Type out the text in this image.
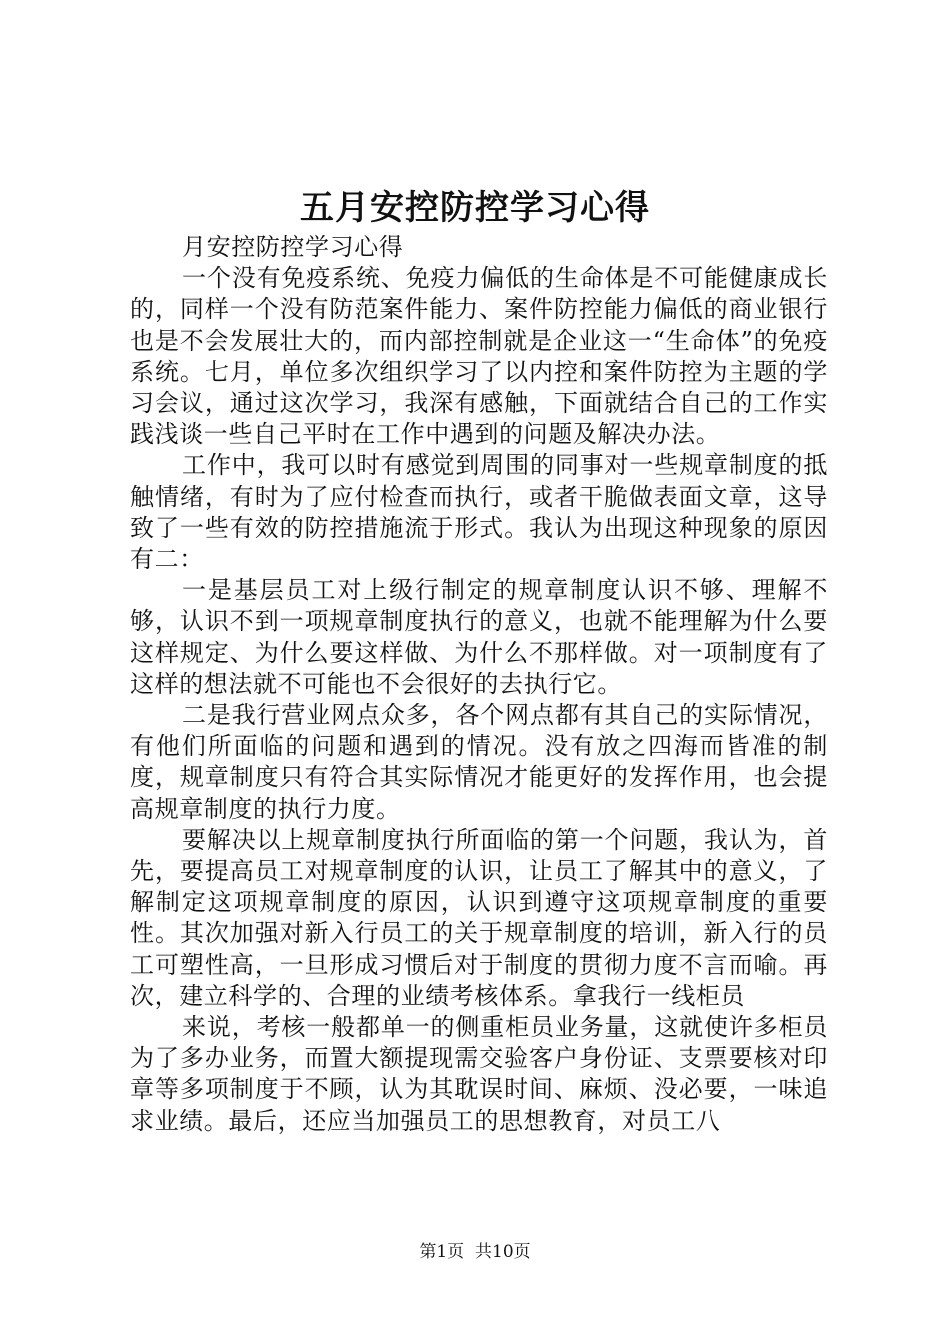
五月安控防控学习心得

月安控防控学习心得

一个没有免疫系统、免疫力偏低的生命体是不可能健康成长的，同样一个没有防范案件能力、案件防控能力偏低的商业银行也是不会发展壮大的，而内部控制就是企业这一“生命体”的免疫系统。七月，单位多次组织学习了以内控和案件防控为主题的学习会议，通过这次学习，我深有感触，下面就结合自己的工作实践浅谈一些自己平时在工作中遇到的问题及解决办法。

工作中，我可以时有感觉到周围的同事对一些规章制度的抵触情绪，有时为了应付检查而执行，或者干脆做表面文章，这导致了一些有效的防控措施流于形式。我认为出现这种现象的原因有二：

一是基层员工对上级行制定的规章制度认识不够、理解不够，认识不到一项规章制度执行的意义，也就不能理解为什么要这样规定、为什么要这样做、为什么不那样做。对一项制度有了这样的想法就不可能也不会很好的去执行它。

二是我行营业网点众多，各个网点都有其自己的实际情况，有他们所面临的问题和遇到的情况。没有放之四海而皆准的制度，规章制度只有符合其实际情况才能更好的发挥作用，也会提高规章制度的执行力度。

要解决以上规章制度执行所面临的第一个问题，我认为，首先，要提高员工对规章制度的认识，让员工了解其中的意义，了解制定这项规章制度的原因，认识到遵守这项规章制度的重要性。其次加强对新入行员工的关于规章制度的培训，新入行的员工可塑性高，一旦形成习惯后对于制度的贯彻力度不言而喻。再次，建立科学的、合理的业绩考核体系。拿我行一线柜员

来说，考核一般都单一的侧重柜员业务量，这就使许多柜员为了多办业务，而置大额提现需交验客户身份证、支票要核对印章等多项制度于不顾，认为其耽误时间、麻烦、没必要，一味追求业绩。最后，还应当加强员工的思想教育，对员工八

第1页 共10页
